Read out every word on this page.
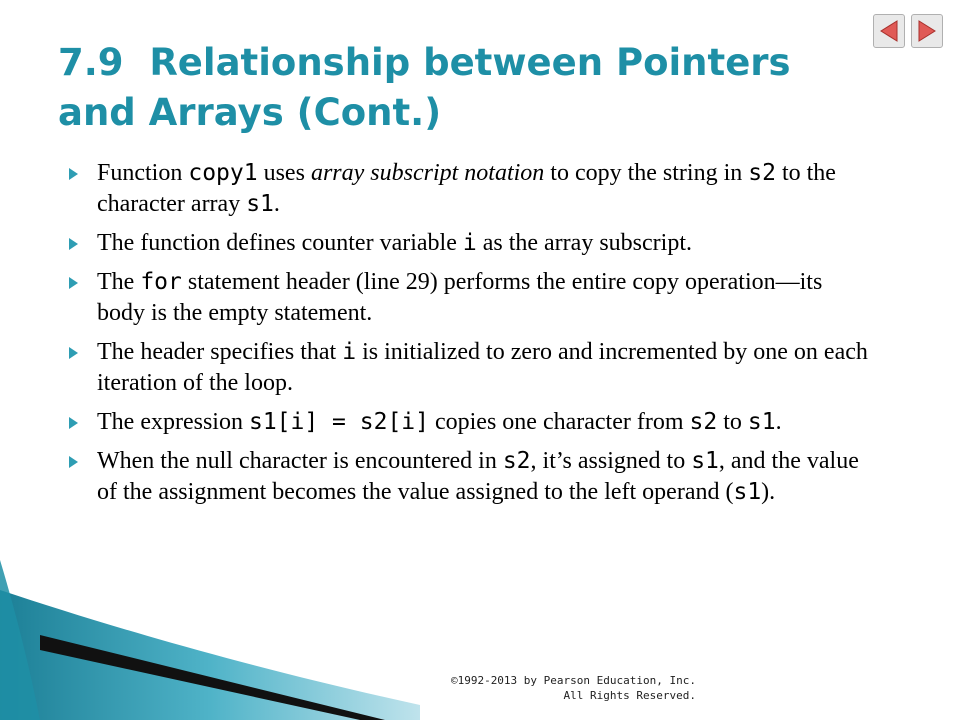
7.9 Relationship between Pointers and Arrays (Cont.)
Function copy1 uses array subscript notation to copy the string in s2 to the character array s1.
The function defines counter variable i as the array subscript.
The for statement header (line 29) performs the entire copy operation—its body is the empty statement.
The header specifies that i is initialized to zero and incremented by one on each iteration of the loop.
The expression s1[i] = s2[i] copies one character from s2 to s1.
When the null character is encountered in s2, it’s assigned to s1, and the value of the assignment becomes the value assigned to the left operand (s1).
©1992-2013 by Pearson Education, Inc.
All Rights Reserved.
